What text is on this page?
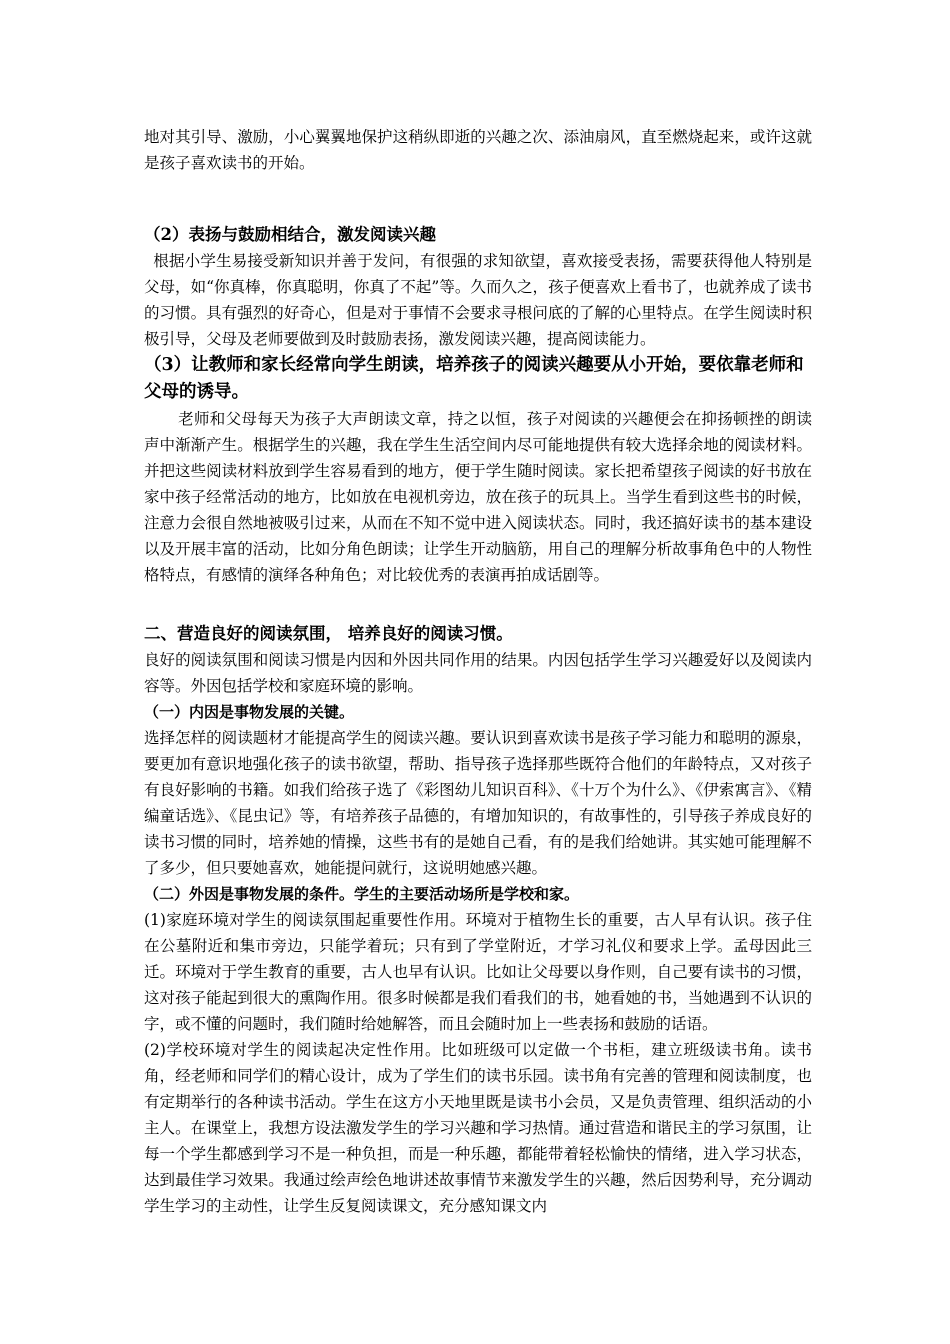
地对其引导、激励，小心翼翼地保护这稍纵即逝的兴趣之次、添油扇风，直至燃烧起来，或许这就是孩子喜欢读书的开始。

（2）表扬与鼓励相结合，激发阅读兴趣

根据小学生易接受新知识并善于发问，有很强的求知欲望，喜欢接受表扬，需要获得他人特别是父母，如“你真棒，你真聪明，你真了不起”等。久而久之，孩子便喜欢上看书了，也就养成了读书的习惯。具有强烈的好奇心，但是对于事情不会要求寻根问底的了解的心里特点。在学生阅读时积极引导，父母及老师要做到及时鼓励表扬，激发阅读兴趣，提高阅读能力。

（3）让教师和家长经常向学生朗读，培养孩子的阅读兴趣要从小开始，要依靠老师和父母的诱导。

老师和父母每天为孩子大声朗读文章，持之以恒，孩子对阅读的兴趣便会在抑扬顿挫的朗读声中渐渐产生。根据学生的兴趣，我在学生生活空间内尽可能地提供有较大选择余地的阅读材料。并把这些阅读材料放到学生容易看到的地方，便于学生随时阅读。家长把希望孩子阅读的好书放在家中孩子经常活动的地方，比如放在电视机旁边，放在孩子的玩具上。当学生看到这些书的时候，注意力会很自然地被吸引过来，从而在不知不觉中进入阅读状态。同时，我还搞好读书的基本建设以及开展丰富的活动，比如分角色朗读；让学生开动脑筋，用自己的理解分析故事角色中的人物性格特点，有感情的演绎各种角色；对比较优秀的表演再拍成话剧等。

二、营造良好的阅读氛围， 培养良好的阅读习惯。

良好的阅读氛围和阅读习惯是内因和外因共同作用的结果。内因包括学生学习兴趣爱好以及阅读内容等。外因包括学校和家庭环境的影响。

（一）内因是事物发展的关键。

选择怎样的阅读题材才能提高学生的阅读兴趣。要认识到喜欢读书是孩子学习能力和聪明的源泉，要更加有意识地强化孩子的读书欲望，帮助、指导孩子选择那些既符合他们的年龄特点，又对孩子有良好影响的书籍。如我们给孩子选了《彩图幼儿知识百科》、《十万个为什么》、《伊索寓言》、《精编童话选》、《昆虫记》等，有培养孩子品德的，有增加知识的，有故事性的，引导孩子养成良好的读书习惯的同时，培养她的情操，这些书有的是她自己看，有的是我们给她讲。其实她可能理解不了多少，但只要她喜欢，她能提问就行，这说明她感兴趣。

（二）外因是事物发展的条件。学生的主要活动场所是学校和家。

(1)家庭环境对学生的阅读氛围起重要性作用。环境对于植物生长的重要，古人早有认识。孩子住在公墓附近和集市旁边，只能学着玩；只有到了学堂附近，才学习礼仪和要求上学。孟母因此三迁。环境对于学生教育的重要，古人也早有认识。比如让父母要以身作则，自己要有读书的习惯，这对孩子能起到很大的熏陶作用。很多时候都是我们看我们的书，她看她的书，当她遇到不认识的字，或不懂的问题时，我们随时给她解答，而且会随时加上一些表扬和鼓励的话语。

(2)学校环境对学生的阅读起决定性作用。比如班级可以定做一个书柜，建立班级读书角。读书角，经老师和同学们的精心设计，成为了学生们的读书乐园。读书角有完善的管理和阅读制度，也有定期举行的各种读书活动。学生在这方小天地里既是读书小会员，又是负责管理、组织活动的小主人。在课堂上，我想方设法激发学生的学习兴趣和学习热情。通过营造和谐民主的学习氛围，让每一个学生都感到学习不是一种负担，而是一种乐趣，都能带着轻松愉快的情绪，进入学习状态，达到最佳学习效果。我通过绘声绘色地讲述故事情节来激发学生的兴趣，然后因势利导，充分调动学生学习的主动性，让学生反复阅读课文，充分感知课文内
